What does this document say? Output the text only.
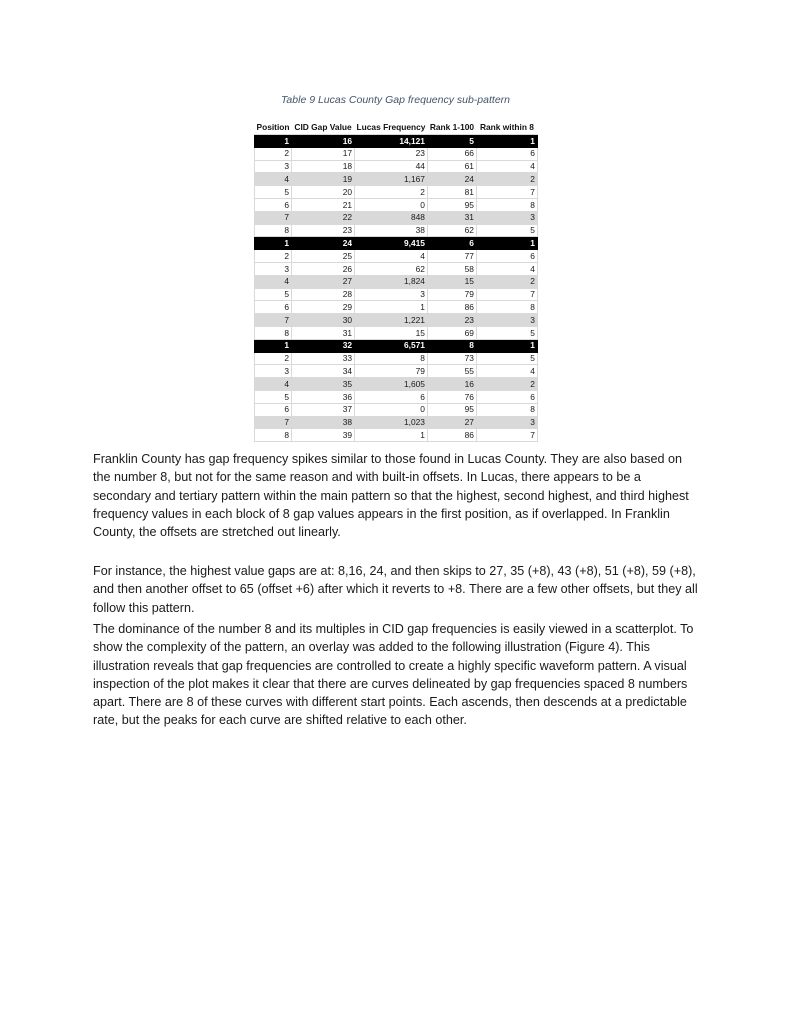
Table 9 Lucas County Gap frequency sub-pattern
Position	CID Gap Value	Lucas Frequency	Rank 1-100	Rank within 8
1	16	14,121	5	1
2	17	23	66	6
3	18	44	61	4
4	19	1,167	24	2
5	20	2	81	7
6	21	0	95	8
7	22	848	31	3
8	23	38	62	5
1	24	9,415	6	1
2	25	4	77	6
3	26	62	58	4
4	27	1,824	15	2
5	28	3	79	7
6	29	1	86	8
7	30	1,221	23	3
8	31	15	69	5
1	32	6,571	8	1
2	33	8	73	5
3	34	79	55	4
4	35	1,605	16	2
5	36	6	76	6
6	37	0	95	8
7	38	1,023	27	3
8	39	1	86	7

Franklin County has gap frequency spikes similar to those found in Lucas County. They are also based on the number 8, but not for the same reason and with built-in offsets. In Lucas, there appears to be a secondary and tertiary pattern within the main pattern so that the highest, second highest, and third highest frequency values in each block of 8 gap values appears in the first position, as if overlapped. In Franklin County, the offsets are stretched out linearly.

For instance, the highest value gaps are at: 8,16, 24, and then skips to 27, 35 (+8), 43 (+8), 51 (+8), 59 (+8), and then another offset to 65 (offset +6) after which it reverts to +8. There are a few other offsets, but they all follow this pattern.

The dominance of the number 8 and its multiples in CID gap frequencies is easily viewed in a scatterplot. To show the complexity of the pattern, an overlay was added to the following illustration (Figure 4). This illustration reveals that gap frequencies are controlled to create a highly specific waveform pattern. A visual inspection of the plot makes it clear that there are curves delineated by gap frequencies spaced 8 numbers apart. There are 8 of these curves with different start points. Each ascends, then descends at a predictable rate, but the peaks for each curve are shifted relative to each other.
